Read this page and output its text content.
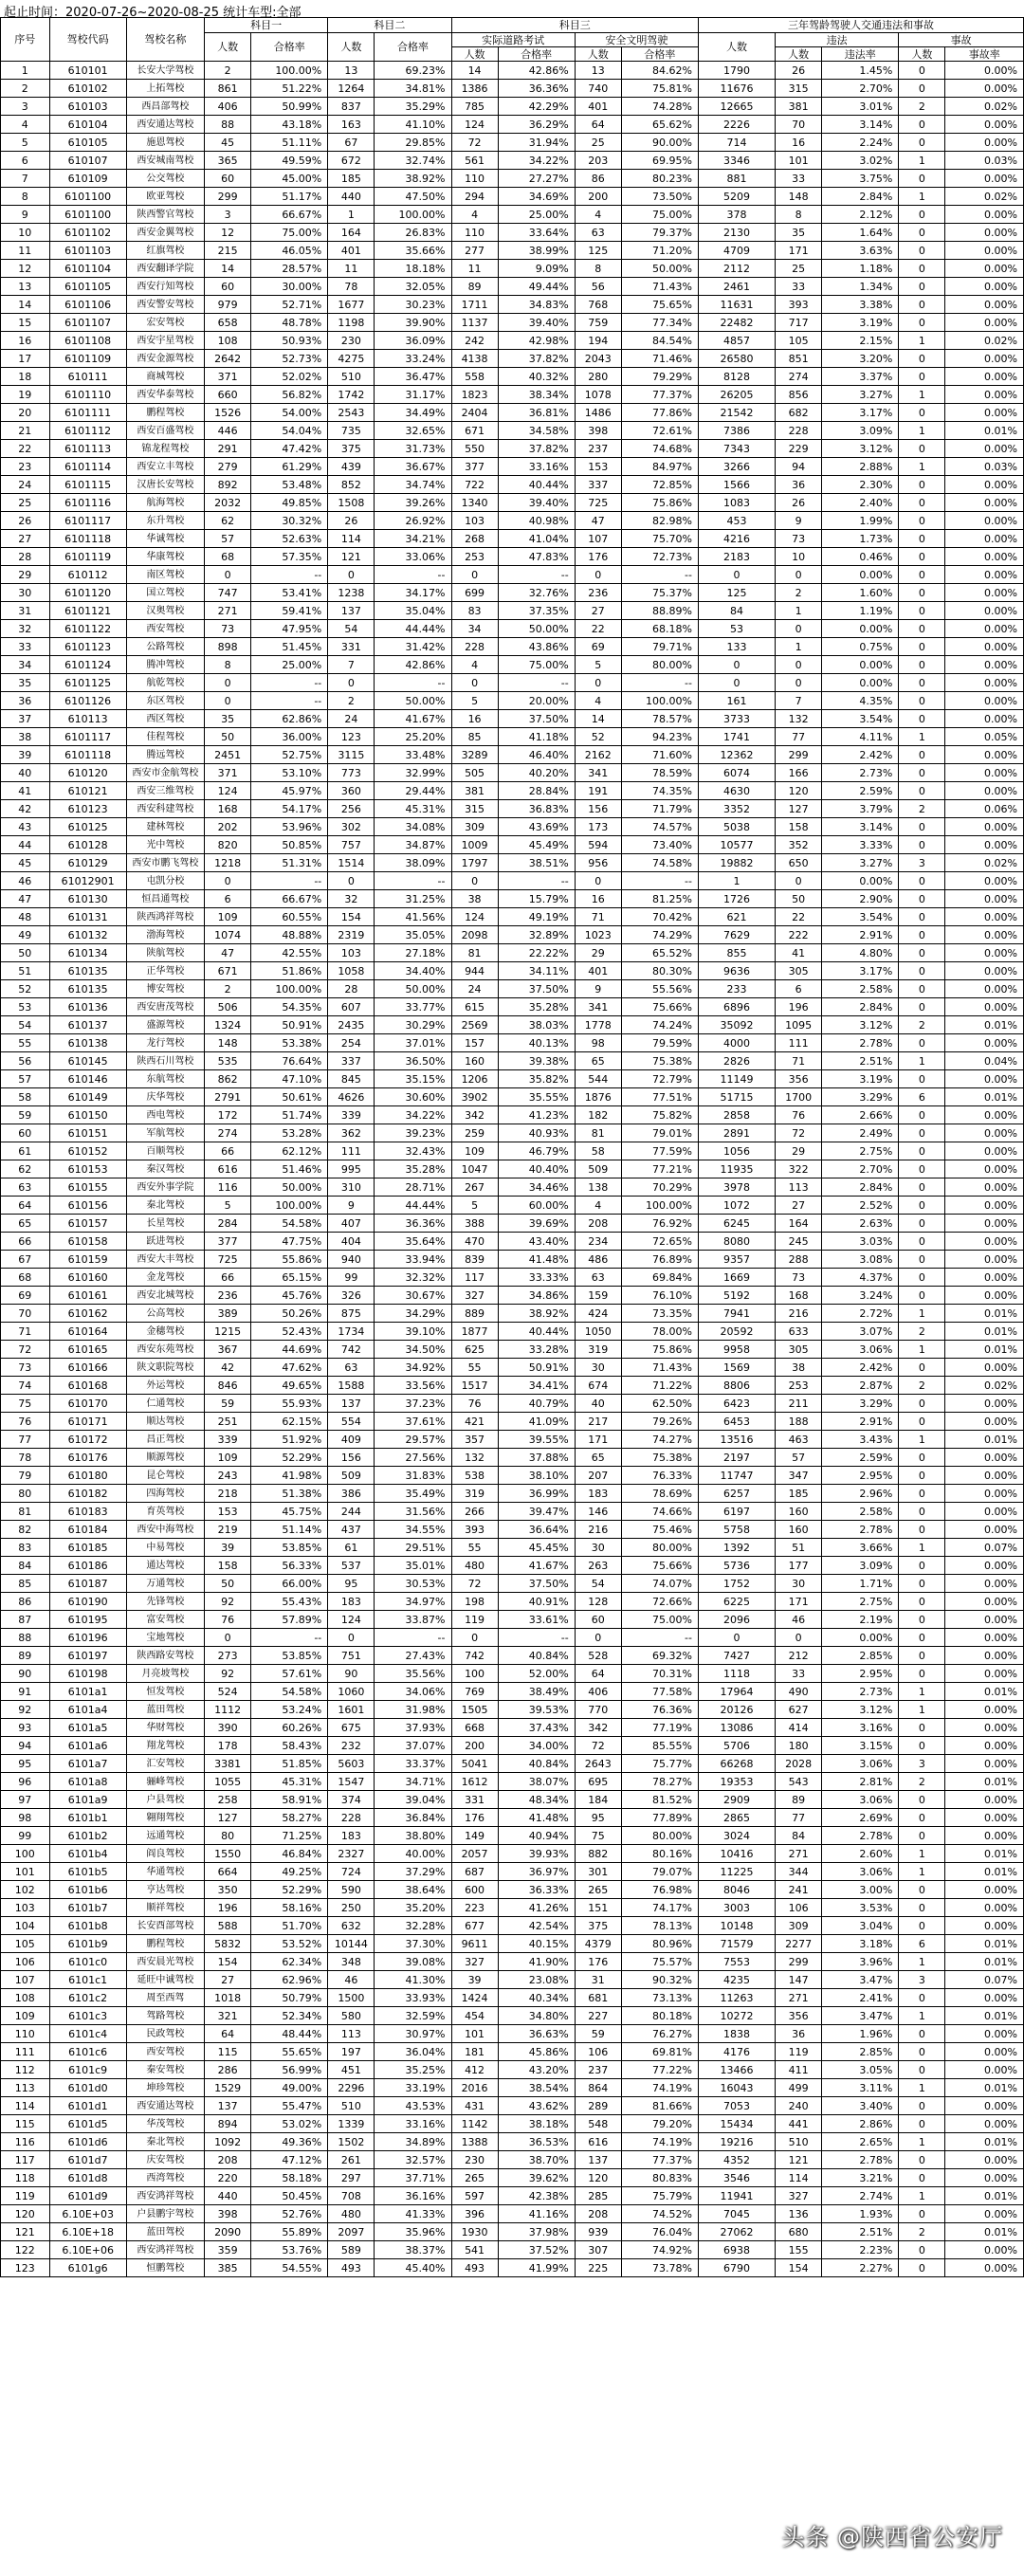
起止时间：2020-07-26~2020-08-25 统计车型:全部
序号	驾校代码	驾校名称	科目一		科目二		科目三				三年驾龄驾驶人交通违法和事故				
			人数	合格率	人数	合格率	实际道路考试		安全文明驾驶		人数	违法		事故	
							人数	合格率	人数	合格率		人数	违法率	人数	事故率
1	610101	长安大学驾校	2	100.00%	13	69.23%	14	42.86%	13	84.62%	1790	26	1.45%	0	0.00%
2	610102	上拓驾校	861	51.22%	1264	34.81%	1386	36.36%	740	75.81%	11676	315	2.70%	0	0.00%
3	610103	西昌部驾校	406	50.99%	837	35.29%	785	42.29%	401	74.28%	12665	381	3.01%	2	0.02%
4	610104	西安通达驾校	88	43.18%	163	41.10%	124	36.29%	64	65.62%	2226	70	3.14%	0	0.00%
5	610105	施恩驾校	45	51.11%	67	29.85%	72	31.94%	25	90.00%	714	16	2.24%	0	0.00%
6	610107	西安城南驾校	365	49.59%	672	32.74%	561	34.22%	203	69.95%	3346	101	3.02%	1	0.03%
7	610109	公交驾校	60	45.00%	185	38.92%	110	27.27%	86	80.23%	881	33	3.75%	0	0.00%
8	6101100	欧亚驾校	299	51.17%	440	47.50%	294	34.69%	200	73.50%	5209	148	2.84%	1	0.02%
9	6101100	陕西警官驾校	3	66.67%	1	100.00%	4	25.00%	4	75.00%	378	8	2.12%	0	0.00%
10	6101102	西安金翼驾校	12	75.00%	164	26.83%	110	33.64%	63	79.37%	2130	35	1.64%	0	0.00%
11	6101103	红旗驾校	215	46.05%	401	35.66%	277	38.99%	125	71.20%	4709	171	3.63%	0	0.00%
12	6101104	西安翻译学院	14	28.57%	11	18.18%	11	9.09%	8	50.00%	2112	25	1.18%	0	0.00%
13	6101105	西安行知驾校	60	30.00%	78	32.05%	89	49.44%	56	71.43%	2461	33	1.34%	0	0.00%
14	6101106	西安警安驾校	979	52.71%	1677	30.23%	1711	34.83%	768	75.65%	11631	393	3.38%	0	0.00%
15	6101107	宏安驾校	658	48.78%	1198	39.90%	1137	39.40%	759	77.34%	22482	717	3.19%	0	0.00%
16	6101108	西安宇星驾校	108	50.93%	230	36.09%	242	42.98%	194	84.54%	4857	105	2.15%	1	0.02%
17	6101109	西安金源驾校	2642	52.73%	4275	33.24%	4138	37.82%	2043	71.46%	26580	851	3.20%	0	0.00%
18	610111	商城驾校	371	52.02%	510	36.47%	558	40.32%	280	79.29%	8128	274	3.37%	0	0.00%
19	6101110	西安华泰驾校	660	56.82%	1742	31.17%	1823	38.34%	1078	77.37%	26205	856	3.27%	1	0.00%
20	6101111	鹏程驾校	1526	54.00%	2543	34.49%	2404	36.81%	1486	77.86%	21542	682	3.17%	0	0.00%
21	6101112	西安百盛驾校	446	54.04%	735	32.65%	671	34.58%	398	72.61%	7386	228	3.09%	1	0.01%
22	6101113	锦龙程驾校	291	47.42%	375	31.73%	550	37.82%	237	74.68%	7343	229	3.12%	0	0.00%
23	6101114	西安立丰驾校	279	61.29%	439	36.67%	377	33.16%	153	84.97%	3266	94	2.88%	1	0.03%
24	6101115	汉唐长安驾校	892	53.48%	852	34.74%	722	40.44%	337	72.85%	1566	36	2.30%	0	0.00%
25	6101116	航海驾校	2032	49.85%	1508	39.26%	1340	39.40%	725	75.86%	1083	26	2.40%	0	0.00%
26	6101117	东升驾校	62	30.32%	26	26.92%	103	40.98%	47	82.98%	453	9	1.99%	0	0.00%
27	6101118	华诚驾校	57	52.63%	114	34.21%	268	41.04%	107	75.70%	4216	73	1.73%	0	0.00%
28	6101119	华康驾校	68	57.35%	121	33.06%	253	47.83%	176	72.73%	2183	10	0.46%	0	0.00%
29	610112	南区驾校	0	--	0	--	0	--	0	--	0	0	0.00%	0	0.00%
30	6101120	国立驾校	747	53.41%	1238	34.17%	699	32.76%	236	75.37%	125	2	1.60%	0	0.00%
31	6101121	汉奥驾校	271	59.41%	137	35.04%	83	37.35%	27	88.89%	84	1	1.19%	0	0.00%
32	6101122	西安驾校	73	47.95%	54	44.44%	34	50.00%	22	68.18%	53	0	0.00%	0	0.00%
33	6101123	公路驾校	898	51.45%	331	31.42%	228	43.86%	69	79.71%	133	1	0.75%	0	0.00%
34	6101124	腾冲驾校	8	25.00%	7	42.86%	4	75.00%	5	80.00%	0	0	0.00%	0	0.00%
35	6101125	航乾驾校	0	--	0	--	0	--	0	--	0	0	0.00%	0	0.00%
36	6101126	东区驾校	0	--	2	50.00%	5	20.00%	4	100.00%	161	7	4.35%	0	0.00%
37	610113	西区驾校	35	62.86%	24	41.67%	16	37.50%	14	78.57%	3733	132	3.54%	0	0.00%
38	6101117	佳程驾校	50	36.00%	123	25.20%	85	41.18%	52	94.23%	1741	77	4.11%	1	0.05%
39	6101118	腾远驾校	2451	52.75%	3115	33.48%	3289	46.40%	2162	71.60%	12362	299	2.42%	0	0.00%
40	610120	西安市金航驾校	371	53.10%	773	32.99%	505	40.20%	341	78.59%	6074	166	2.73%	0	0.00%
41	610121	西安三维驾校	124	45.97%	360	29.44%	381	28.84%	191	74.35%	4630	120	2.59%	0	0.00%
42	610123	西安科建驾校	168	54.17%	256	45.31%	315	36.83%	156	71.79%	3352	127	3.79%	2	0.06%
43	610125	建林驾校	202	53.96%	302	34.08%	309	43.69%	173	74.57%	5038	158	3.14%	0	0.00%
44	610128	光中驾校	820	50.85%	757	34.87%	1009	45.49%	594	73.40%	10577	352	3.33%	0	0.00%
45	610129	西安市鹏飞驾校	1218	51.31%	1514	38.09%	1797	38.51%	956	74.58%	19882	650	3.27%	3	0.02%
46	61012901	屯凯分校	0	--	0	--	0	--	0	--	1	0	0.00%	0	0.00%
47	610130	恒昌通驾校	6	66.67%	32	31.25%	38	15.79%	16	81.25%	1726	50	2.90%	0	0.00%
48	610131	陕西鸿祥驾校	109	60.55%	154	41.56%	124	49.19%	71	70.42%	621	22	3.54%	0	0.00%
49	610132	渤海驾校	1074	48.88%	2319	35.05%	2098	32.89%	1023	74.29%	7629	222	2.91%	0	0.00%
50	610134	陕航驾校	47	42.55%	103	27.18%	81	22.22%	29	65.52%	855	41	4.80%	0	0.00%
51	610135	正华驾校	671	51.86%	1058	34.40%	944	34.11%	401	80.30%	9636	305	3.17%	0	0.00%
52	610135	博安驾校	2	100.00%	28	50.00%	24	37.50%	9	55.56%	233	6	2.58%	0	0.00%
53	610136	西安唐茂驾校	506	54.35%	607	33.77%	615	35.28%	341	75.66%	6896	196	2.84%	0	0.00%
54	610137	盛源驾校	1324	50.91%	2435	30.29%	2569	38.03%	1778	74.24%	35092	1095	3.12%	2	0.01%
55	610138	龙行驾校	148	53.38%	254	37.01%	157	40.13%	98	79.59%	4000	111	2.78%	0	0.00%
56	610145	陕西石川驾校	535	76.64%	337	36.50%	160	39.38%	65	75.38%	2826	71	2.51%	1	0.04%
57	610146	东航驾校	862	47.10%	845	35.15%	1206	35.82%	544	72.79%	11149	356	3.19%	0	0.00%
58	610149	庆华驾校	2791	50.61%	4626	30.60%	3902	35.55%	1876	77.51%	51715	1700	3.29%	6	0.01%
59	610150	西电驾校	172	51.74%	339	34.22%	342	41.23%	182	75.82%	2858	76	2.66%	0	0.00%
60	610151	军航驾校	274	53.28%	362	39.23%	259	40.93%	81	79.01%	2891	72	2.49%	0	0.00%
61	610152	百顺驾校	66	62.12%	111	32.43%	109	46.79%	58	77.59%	1056	29	2.75%	0	0.00%
62	610153	秦汉驾校	616	51.46%	995	35.28%	1047	40.40%	509	77.21%	11935	322	2.70%	0	0.00%
63	610155	西安外事学院	116	50.00%	310	28.71%	267	34.46%	138	70.29%	3978	113	2.84%	0	0.00%
64	610156	秦北驾校	5	100.00%	9	44.44%	5	60.00%	4	100.00%	1072	27	2.52%	0	0.00%
65	610157	长星驾校	284	54.58%	407	36.36%	388	39.69%	208	76.92%	6245	164	2.63%	0	0.00%
66	610158	跃进驾校	377	47.75%	404	35.64%	470	43.40%	234	72.65%	8080	245	3.03%	0	0.00%
67	610159	西安大丰驾校	725	55.86%	940	33.94%	839	41.48%	486	76.89%	9357	288	3.08%	0	0.00%
68	610160	金龙驾校	66	65.15%	99	32.32%	117	33.33%	63	69.84%	1669	73	4.37%	0	0.00%
69	610161	西安北城驾校	236	45.76%	326	30.67%	327	34.86%	159	76.10%	5192	168	3.24%	0	0.00%
70	610162	公高驾校	389	50.26%	875	34.29%	889	38.92%	424	73.35%	7941	216	2.72%	1	0.01%
71	610164	金穗驾校	1215	52.43%	1734	39.10%	1877	40.44%	1050	78.00%	20592	633	3.07%	2	0.01%
72	610165	西安东苑驾校	367	44.69%	742	34.50%	625	33.28%	319	75.86%	9958	305	3.06%	1	0.01%
73	610166	陕文职院驾校	42	47.62%	63	34.92%	55	50.91%	30	71.43%	1569	38	2.42%	0	0.00%
74	610168	外运驾校	846	49.65%	1588	33.56%	1517	34.41%	674	71.22%	8806	253	2.87%	2	0.02%
75	610170	仁通驾校	59	55.93%	137	37.23%	76	40.79%	40	62.50%	6423	211	3.29%	0	0.00%
76	610171	顺达驾校	251	62.15%	554	37.61%	421	41.09%	217	79.26%	6453	188	2.91%	0	0.00%
77	610172	昌正驾校	339	51.92%	409	29.57%	357	39.55%	171	74.27%	13516	463	3.43%	1	0.01%
78	610176	顺源驾校	109	52.29%	156	27.56%	132	37.88%	65	75.38%	2197	57	2.59%	0	0.00%
79	610180	昆仑驾校	243	41.98%	509	31.83%	538	38.10%	207	76.33%	11747	347	2.95%	0	0.00%
80	610182	四海驾校	218	51.38%	386	35.49%	319	36.99%	183	78.69%	6257	185	2.96%	0	0.00%
81	610183	育英驾校	153	45.75%	244	31.56%	266	39.47%	146	74.66%	6197	160	2.58%	0	0.00%
82	610184	西安中海驾校	219	51.14%	437	34.55%	393	36.64%	216	75.46%	5758	160	2.78%	0	0.00%
83	610185	中易驾校	39	53.85%	61	29.51%	55	45.45%	30	80.00%	1392	51	3.66%	1	0.07%
84	610186	通达驾校	158	56.33%	537	35.01%	480	41.67%	263	75.66%	5736	177	3.09%	0	0.00%
85	610187	万通驾校	50	66.00%	95	30.53%	72	37.50%	54	74.07%	1752	30	1.71%	0	0.00%
86	610190	先锋驾校	92	55.43%	183	34.97%	198	40.91%	128	72.66%	6225	171	2.75%	0	0.00%
87	610195	富安驾校	76	57.89%	124	33.87%	119	33.61%	60	75.00%	2096	46	2.19%	0	0.00%
88	610196	宝地驾校	0	--	0	--	0	--	0	--	0	0	0.00%	0	0.00%
89	610197	陕西路安驾校	273	53.85%	751	27.43%	742	40.84%	528	69.32%	7427	212	2.85%	0	0.00%
90	610198	月亮坡驾校	92	57.61%	90	35.56%	100	52.00%	64	70.31%	1118	33	2.95%	0	0.00%
91	6101a1	恒发驾校	524	54.58%	1060	34.06%	769	38.49%	406	77.58%	17964	490	2.73%	1	0.01%
92	6101a4	蓝田驾校	1112	53.24%	1601	31.98%	1505	39.53%	770	76.36%	20126	627	3.12%	1	0.00%
93	6101a5	华财驾校	390	60.26%	675	37.93%	668	37.43%	342	77.19%	13086	414	3.16%	0	0.00%
94	6101a6	翔龙驾校	178	58.43%	232	37.07%	200	34.00%	72	85.55%	5706	180	3.15%	0	0.00%
95	6101a7	汇安驾校	3381	51.85%	5603	33.37%	5041	40.84%	2643	75.77%	66268	2028	3.06%	3	0.00%
96	6101a8	骊峰驾校	1055	45.31%	1547	34.71%	1612	38.07%	695	78.27%	19353	543	2.81%	2	0.01%
97	6101a9	户县驾校	258	58.91%	374	39.04%	331	48.34%	184	81.52%	2909	89	3.06%	0	0.00%
98	6101b1	翱翔驾校	127	58.27%	228	36.84%	176	41.48%	95	77.89%	2865	77	2.69%	0	0.00%
99	6101b2	远通驾校	80	71.25%	183	38.80%	149	40.94%	75	80.00%	3024	84	2.78%	0	0.00%
100	6101b4	阎良驾校	1550	46.84%	2327	40.00%	2057	39.93%	882	80.16%	10416	271	2.60%	1	0.01%
101	6101b5	华通驾校	664	49.25%	724	37.29%	687	36.97%	301	79.07%	11225	344	3.06%	1	0.01%
102	6101b6	亨达驾校	350	52.29%	590	38.64%	600	36.33%	265	76.98%	8046	241	3.00%	0	0.00%
103	6101b7	顺祥驾校	196	58.16%	250	35.20%	223	41.26%	151	74.17%	3003	106	3.53%	0	0.00%
104	6101b8	长安酉部驾校	588	51.70%	632	32.28%	677	42.54%	375	78.13%	10148	309	3.04%	0	0.00%
105	6101b9	鹏程驾校	5832	53.52%	10144	37.30%	9611	40.15%	4379	80.96%	71579	2277	3.18%	6	0.01%
106	6101c0	西安晨光驾校	154	62.34%	348	39.08%	327	41.90%	176	75.57%	7553	299	3.96%	1	0.01%
107	6101c1	延旺中诚驾校	27	62.96%	46	41.30%	39	23.08%	31	90.32%	4235	147	3.47%	3	0.07%
108	6101c2	周至西驾	1018	50.79%	1500	33.93%	1424	40.34%	681	73.13%	11263	271	2.41%	0	0.00%
109	6101c3	驾路驾校	321	52.34%	580	32.59%	454	34.80%	227	80.18%	10272	356	3.47%	1	0.01%
110	6101c4	民政驾校	64	48.44%	113	30.97%	101	36.63%	59	76.27%	1838	36	1.96%	0	0.00%
111	6101c6	西安驾校	115	55.65%	197	36.04%	181	45.86%	106	69.81%	4176	119	2.85%	0	0.00%
112	6101c9	秦安驾校	286	56.99%	451	35.25%	412	43.20%	237	77.22%	13466	411	3.05%	0	0.00%
113	6101d0	坤珍驾校	1529	49.00%	2296	33.19%	2016	38.54%	864	74.19%	16043	499	3.11%	1	0.01%
114	6101d1	西安通达驾校	137	55.47%	510	43.53%	431	43.62%	289	81.66%	7053	240	3.40%	0	0.00%
115	6101d5	华茂驾校	894	53.02%	1339	33.16%	1142	38.18%	548	79.20%	15434	441	2.86%	0	0.00%
116	6101d6	秦北驾校	1092	49.36%	1502	34.89%	1388	36.53%	616	74.19%	19216	510	2.65%	1	0.01%
117	6101d7	庆安驾校	208	47.12%	261	32.57%	230	38.70%	137	77.37%	4352	121	2.78%	0	0.00%
118	6101d8	西湾驾校	220	58.18%	297	37.71%	265	39.62%	120	80.83%	3546	114	3.21%	0	0.00%
119	6101d9	西安鸿祥驾校	440	50.45%	708	36.16%	597	42.38%	285	75.79%	11941	327	2.74%	1	0.01%
120	6.10E+03	户县鹏宇驾校	398	52.76%	480	41.33%	396	41.16%	208	74.52%	7045	136	1.93%	0	0.00%
121	6.10E+18	蓝田驾校	2090	55.89%	2097	35.96%	1930	37.98%	939	76.04%	27062	680	2.51%	2	0.01%
122	6.10E+06	西安鸿祥驾校	359	53.76%	589	38.37%	541	37.52%	307	74.92%	6938	155	2.23%	0	0.00%
123	6101g6	恒鹏驾校	385	54.55%	493	45.40%	493	41.99%	225	73.78%	6790	154	2.27%	0	0.00%
头条 @陕西省公安厅
